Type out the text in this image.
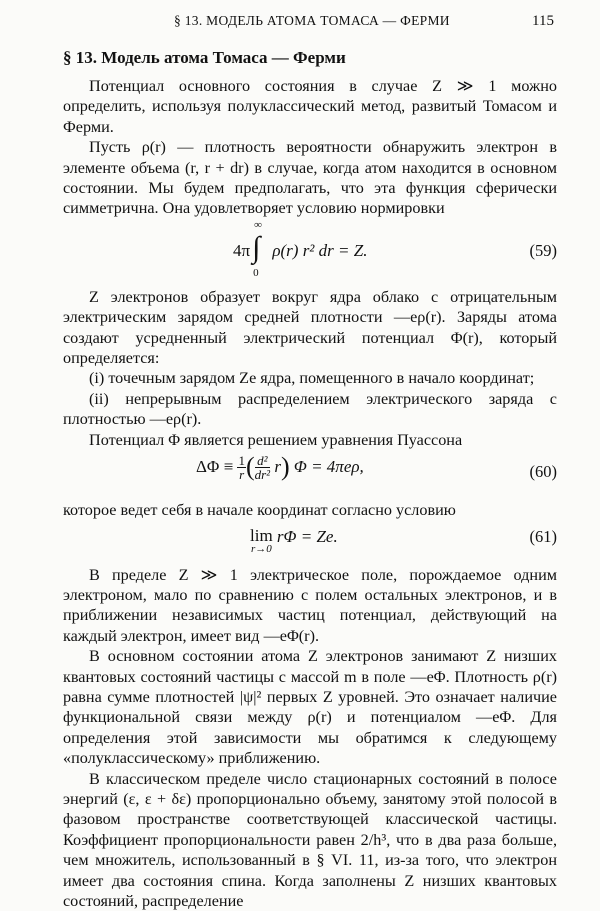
§ 13. МОДЕЛЬ АТОМА ТОМАСА — ФЕРМИ	115
§ 13. Модель атома Томаса — Ферми

Потенциал основного состояния в случае Z ≫ 1 можно определить, используя полуклассический метод, развитый Томасом и Ферми.

Пусть ρ(r) — плотность вероятности обнаружить электрон в элементе объема (r, r + dr) в случае, когда атом находится в основном состоянии. Мы будем предполагать, что эта функция сферически симметрична. Она удовлетворяет условию нормировки

4π
∞
∫
0
ρ(r) r² dr = Z.	(59)

Z электронов образует вокруг ядра облако с отрицательным электрическим зарядом средней плотности —eρ(r). Заряды атома создают усредненный электрический потенциал Φ(r), который определяется:

(i) точечным зарядом Ze ядра, помещенного в начало координат;

(ii) непрерывным распределением электрического заряда с плотностью —eρ(r).

Потенциал Φ является решением уравнения Пуассона

$\Delta\Phi \equiv \frac{1}{r}$ ( $\frac{\text{d²}}{\text{dr²}} r$) Φ = 4πeρ,	(60)

которое ведет себя в начале координат согласно условию

lim
r→0
rΦ = Ze.	(61)

В пределе Z ≫ 1 электрическое поле, порождаемое одним электроном, мало по сравнению с полем остальных электронов, и в приближении независимых частиц потенциал, действующий на каждый электрон, имеет вид —eΦ(r).

В основном состоянии атома Z электронов занимают Z низших квантовых состояний частицы с массой m в поле —eΦ. Плотность ρ(r) равна сумме плотностей |ψ|² первых Z уровней. Это означает наличие функциональной связи между ρ(r) и потенциалом —eΦ. Для определения этой зависимости мы обратимся к следующему «полуклассическому» приближению.

В классическом пределе число стационарных состояний в полосе энергий (ε, ε + δε) пропорционально объему, занятому этой полосой в фазовом пространстве соответствующей классической частицы. Коэффициент пропорциональности равен 2/h³, что в два раза больше, чем множитель, использованный в § VI. 11, из-за того, что электрон имеет два состояния спина. Когда заполнены Z низших квантовых состояний, распределение
